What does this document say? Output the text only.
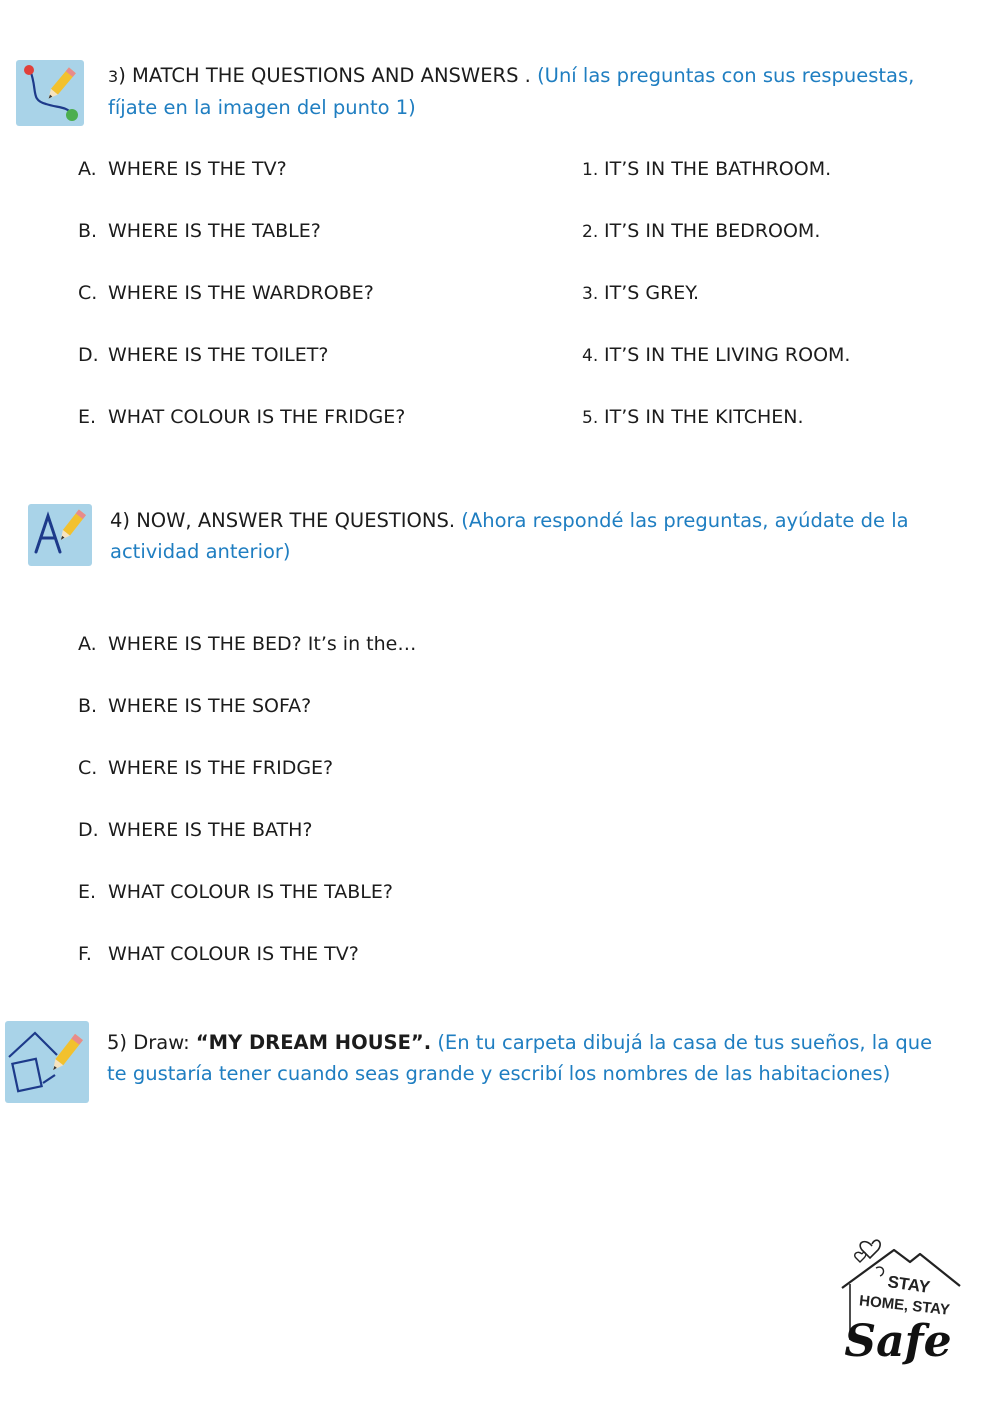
3) MATCH THE QUESTIONS AND ANSWERS . (Uní las preguntas con sus respuestas, fíjate en la imagen del punto 1)
A. WHERE IS THE TV?
B. WHERE IS THE TABLE?
C. WHERE IS THE WARDROBE?
D. WHERE IS THE TOILET?
E. WHAT COLOUR IS THE FRIDGE?
1. IT’S IN THE BATHROOM.
2. IT’S IN THE BEDROOM.
3. IT’S GREY.
4. IT’S IN THE LIVING ROOM.
5. IT’S IN THE KITCHEN.
4) NOW, ANSWER THE QUESTIONS. (Ahora respondé las preguntas, ayúdate de la actividad anterior)
A. WHERE IS THE BED? It’s in the…
B. WHERE IS THE SOFA?
C. WHERE IS THE FRIDGE?
D. WHERE IS THE BATH?
E. WHAT COLOUR IS THE TABLE?
F. WHAT COLOUR IS THE TV?
5) Draw: “MY DREAM HOUSE”. (En tu carpeta dibujá la casa de tus sueños, la que te gustaría tener cuando seas grande y escribí los nombres de las habitaciones)
STAY
HOME, STAY
Safe
